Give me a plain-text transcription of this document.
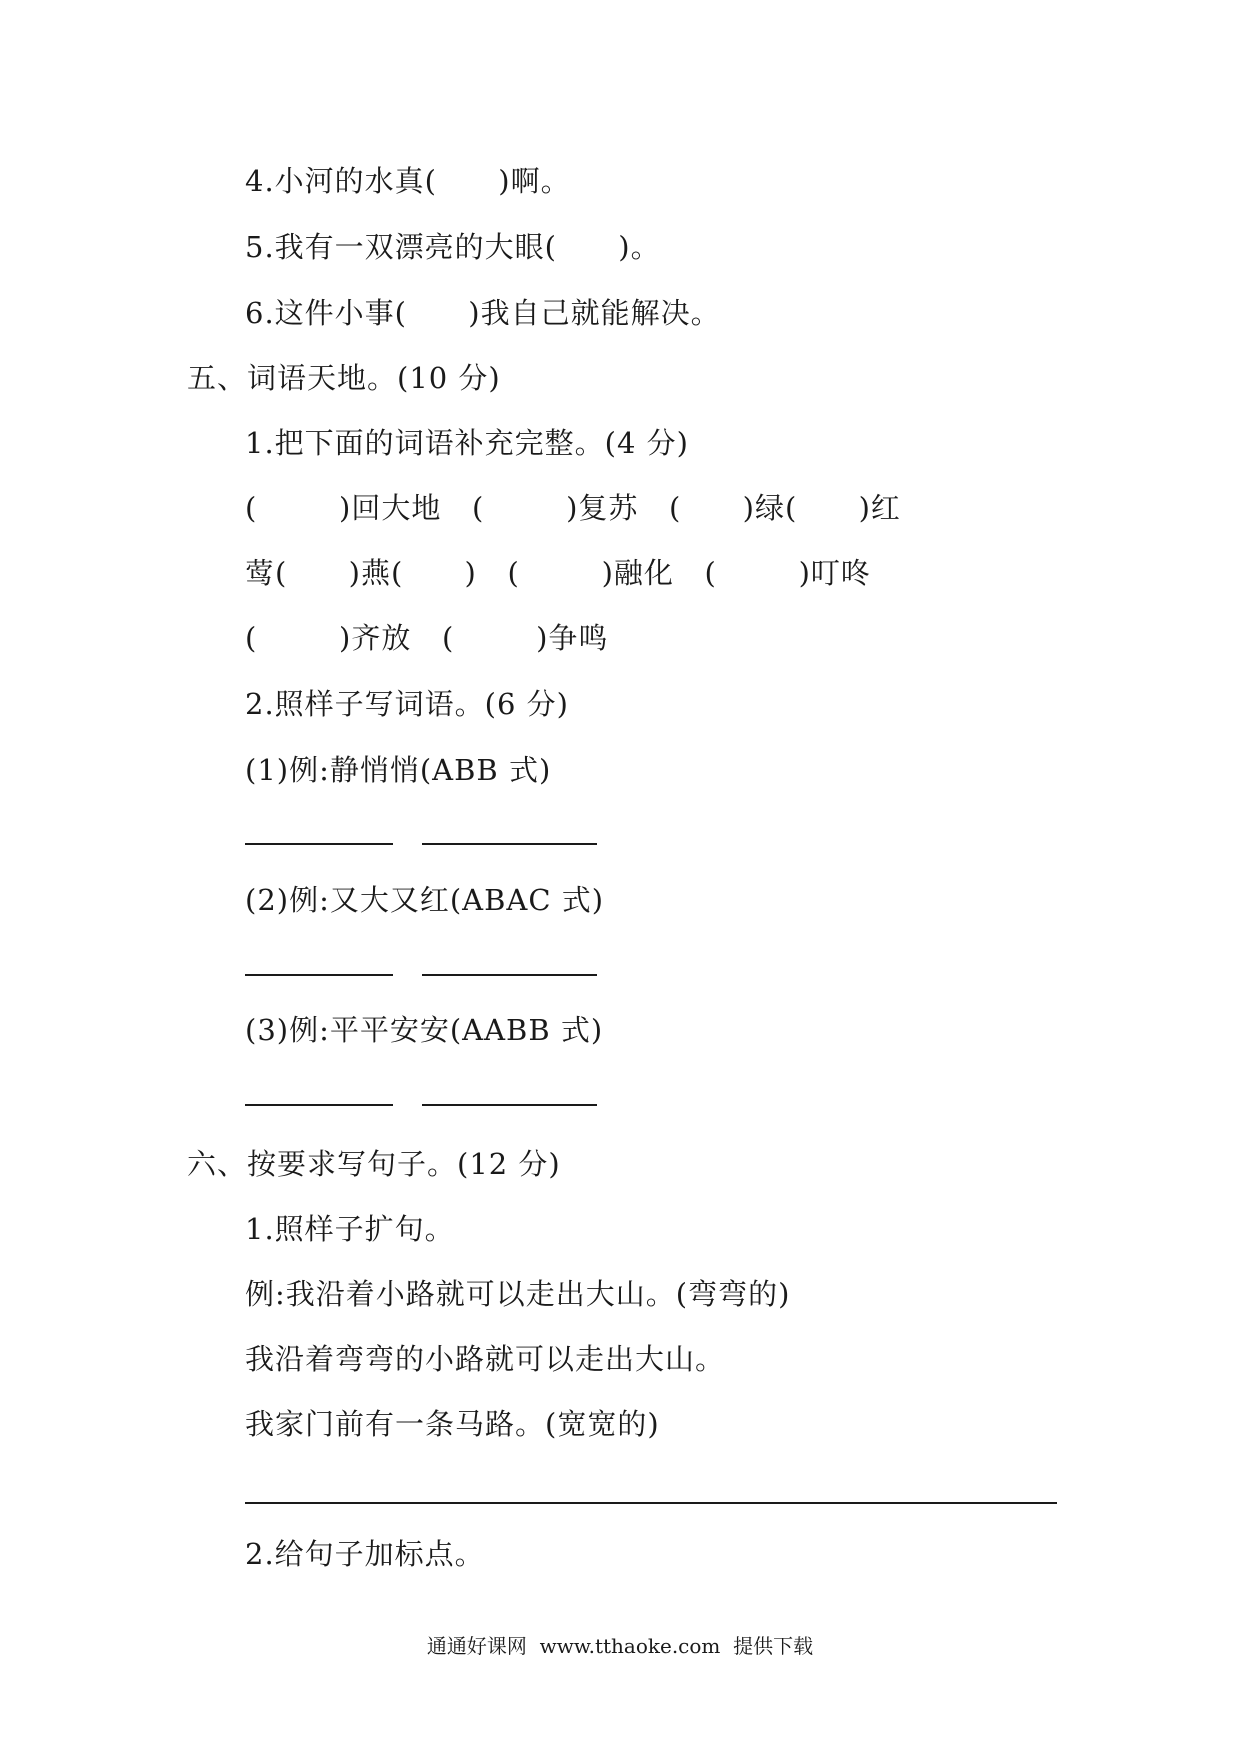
4.小河的水真(      )啊。
5.我有一双漂亮的大眼(      )。
6.这件小事(      )我自己就能解决。
五、词语天地。(10 分)
1.把下面的词语补充完整。(4 分)
(        )回大地   (        )复苏   (      )绿(      )红
莺(      )燕(      )   (        )融化   (        )叮咚
(        )齐放   (        )争鸣
2.照样子写词语。(6 分)
(1)例:静悄悄(ABB 式)
(2)例:又大又红(ABAC 式)
(3)例:平平安安(AABB 式)
六、按要求写句子。(12 分)
1.照样子扩句。
例:我沿着小路就可以走出大山。(弯弯的)
我沿着弯弯的小路就可以走出大山。
我家门前有一条马路。(宽宽的)
2.给句子加标点。
通通好课网  www.tthaoke.com  提供下载
